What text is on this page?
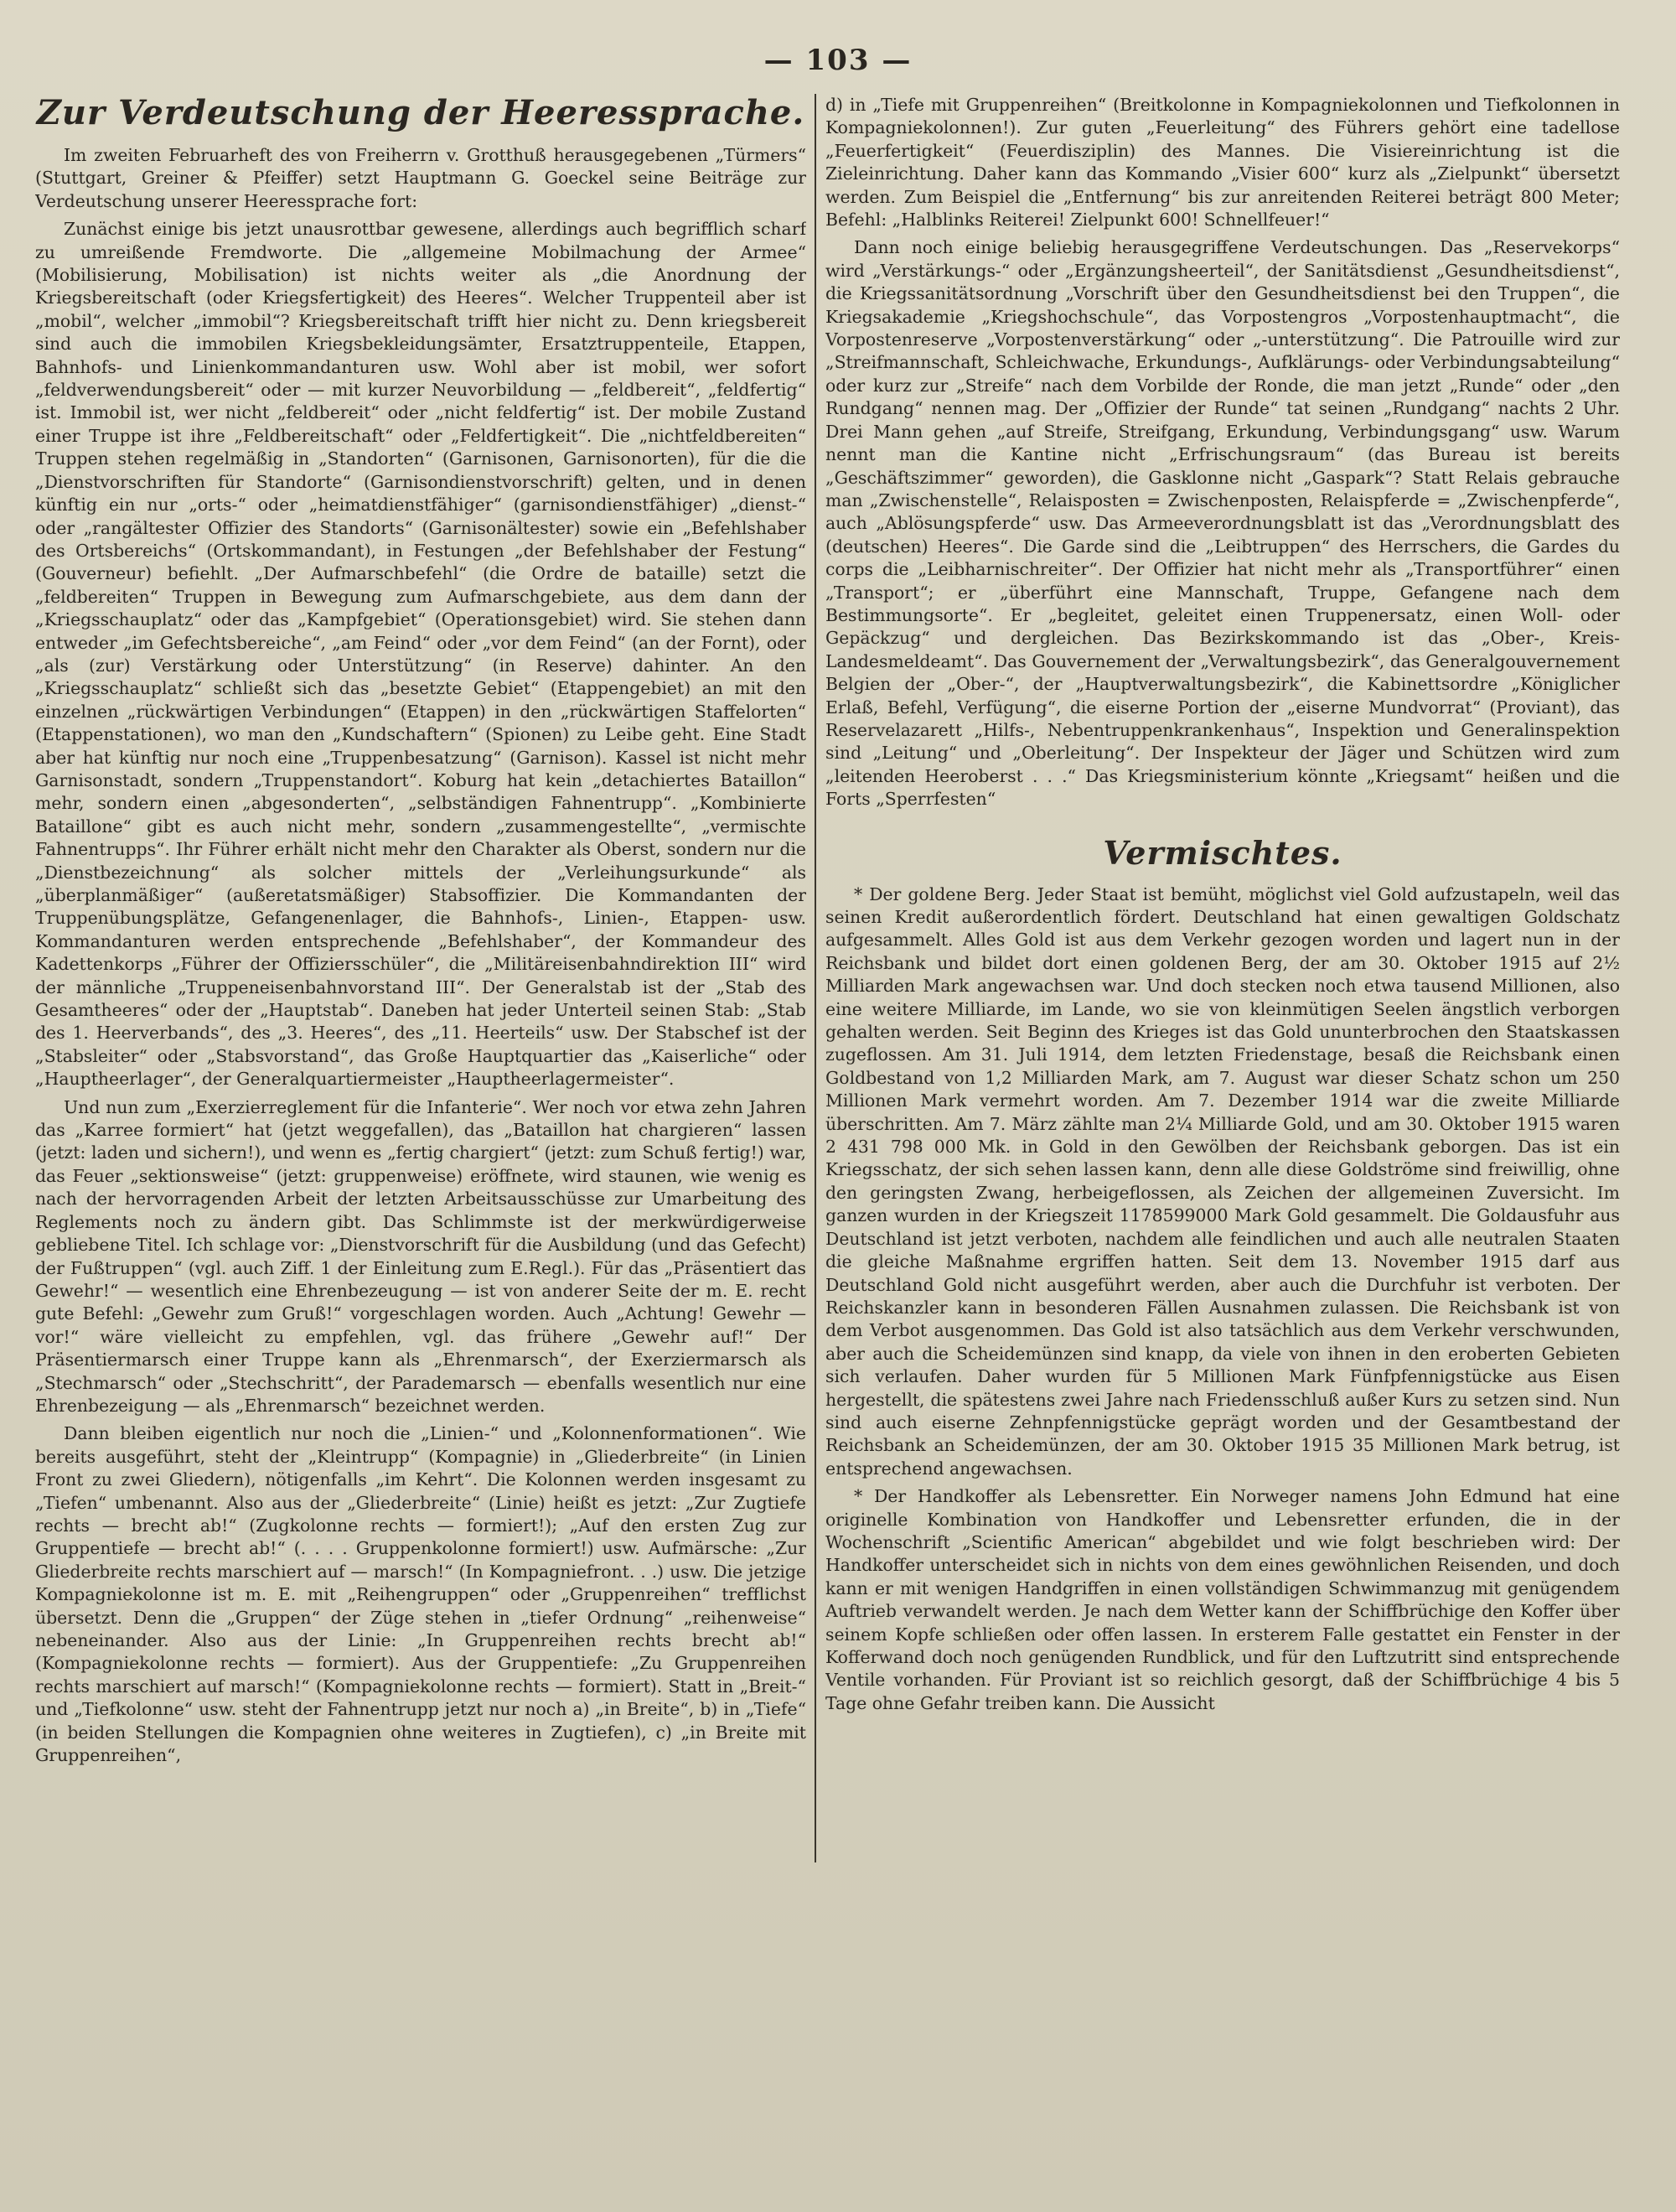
— 103 —
Zur Verdeutschung der Heeressprache.

Im zweiten Februarheft des von Freiherrn v. Grotthuß herausgegebenen „Türmers“ (Stuttgart, Greiner & Pfeiffer) setzt Hauptmann G. Goeckel seine Beiträge zur Verdeutschung unserer Heeressprache fort:

Zunächst einige bis jetzt unausrottbar gewesene, allerdings auch begrifflich scharf zu umreißende Fremdworte. Die „allgemeine Mobilmachung der Armee“ (Mobilisierung, Mobilisation) ist nichts weiter als „die Anordnung der Kriegsbereitschaft (oder Kriegsfertigkeit) des Heeres“. Welcher Truppenteil aber ist „mobil“, welcher „immobil“? Kriegsbereitschaft trifft hier nicht zu. Denn kriegsbereit sind auch die immobilen Kriegsbekleidungsämter, Ersatztruppenteile, Etappen, Bahnhofs- und Linienkommandanturen usw. Wohl aber ist mobil, wer sofort „feldverwendungsbereit“ oder — mit kurzer Neuvorbildung — „feldbereit“, „feldfertig“ ist. Immobil ist, wer nicht „feldbereit“ oder „nicht feldfertig“ ist. Der mobile Zustand einer Truppe ist ihre „Feldbereitschaft“ oder „Feldfertigkeit“. Die „nichtfeldbereiten“ Truppen stehen regelmäßig in „Standorten“ (Garnisonen, Garnisonorten), für die die „Dienstvorschriften für Standorte“ (Garnisondienstvorschrift) gelten, und in denen künftig ein nur „orts-“ oder „heimatdienstfähiger“ (garnisondienstfähiger) „dienst-“ oder „rangältester Offizier des Standorts“ (Garnisonältester) sowie ein „Befehlshaber des Ortsbereichs“ (Ortskommandant), in Festungen „der Befehlshaber der Festung“ (Gouverneur) befiehlt. „Der Aufmarschbefehl“ (die Ordre de bataille) setzt die „feldbereiten“ Truppen in Bewegung zum Aufmarschgebiete, aus dem dann der „Kriegsschauplatz“ oder das „Kampfgebiet“ (Operationsgebiet) wird. Sie stehen dann entweder „im Gefechtsbereiche“, „am Feind“ oder „vor dem Feind“ (an der Fornt), oder „als (zur) Verstärkung oder Unterstützung“ (in Reserve) dahinter. An den „Kriegsschauplatz“ schließt sich das „besetzte Gebiet“ (Etappengebiet) an mit den einzelnen „rückwärtigen Verbindungen“ (Etappen) in den „rückwärtigen Staffelorten“ (Etappenstationen), wo man den „Kundschaftern“ (Spionen) zu Leibe geht. Eine Stadt aber hat künftig nur noch eine „Truppenbesatzung“ (Garnison). Kassel ist nicht mehr Garnisonstadt, sondern „Truppenstandort“. Koburg hat kein „detachiertes Bataillon“ mehr, sondern einen „abgesonderten“, „selbständigen Fahnentrupp“. „Kombinierte Bataillone“ gibt es auch nicht mehr, sondern „zusammengestellte“, „vermischte Fahnentrupps“. Ihr Führer erhält nicht mehr den Charakter als Oberst, sondern nur die „Dienstbezeichnung“ als solcher mittels der „Verleihungsurkunde“ als „überplanmäßiger“ (außeretatsmäßiger) Stabsoffizier. Die Kommandanten der Truppenübungsplätze, Gefangenenlager, die Bahnhofs-, Linien-, Etappen- usw. Kommandanturen werden entsprechende „Befehlshaber“, der Kommandeur des Kadettenkorps „Führer der Offiziersschüler“, die „Militäreisenbahndirektion III“ wird der männliche „Truppeneisenbahnvorstand III“. Der Generalstab ist der „Stab des Gesamtheeres“ oder der „Hauptstab“. Daneben hat jeder Unterteil seinen Stab: „Stab des 1. Heerverbands“, des „3. Heeres“, des „11. Heerteils“ usw. Der Stabschef ist der „Stabsleiter“ oder „Stabsvorstand“, das Große Hauptquartier das „Kaiserliche“ oder „Hauptheerlager“, der Generalquartiermeister „Hauptheerlagermeister“.

Und nun zum „Exerzierreglement für die Infanterie“. Wer noch vor etwa zehn Jahren das „Karree formiert“ hat (jetzt weggefallen), das „Bataillon hat chargieren“ lassen (jetzt: laden und sichern!), und wenn es „fertig chargiert“ (jetzt: zum Schuß fertig!) war, das Feuer „sektionsweise“ (jetzt: gruppenweise) eröffnete, wird staunen, wie wenig es nach der hervorragenden Arbeit der letzten Arbeitsausschüsse zur Umarbeitung des Reglements noch zu ändern gibt. Das Schlimmste ist der merkwürdigerweise gebliebene Titel. Ich schlage vor: „Dienstvorschrift für die Ausbildung (und das Gefecht) der Fußtruppen“ (vgl. auch Ziff. 1 der Einleitung zum E.Regl.). Für das „Präsentiert das Gewehr!“ — wesentlich eine Ehrenbezeugung — ist von anderer Seite der m. E. recht gute Befehl: „Gewehr zum Gruß!“ vorgeschlagen worden. Auch „Achtung! Gewehr — vor!“ wäre vielleicht zu empfehlen, vgl. das frühere „Gewehr auf!“ Der Präsentiermarsch einer Truppe kann als „Ehrenmarsch“, der Exerziermarsch als „Stechmarsch“ oder „Stechschritt“, der Parademarsch — ebenfalls wesentlich nur eine Ehrenbezeigung — als „Ehrenmarsch“ bezeichnet werden.

Dann bleiben eigentlich nur noch die „Linien-“ und „Kolonnenformationen“. Wie bereits ausgeführt, steht der „Kleintrupp“ (Kompagnie) in „Gliederbreite“ (in Linien Front zu zwei Gliedern), nötigenfalls „im Kehrt“. Die Kolonnen werden insgesamt zu „Tiefen“ umbenannt. Also aus der „Gliederbreite“ (Linie) heißt es jetzt: „Zur Zugtiefe rechts — brecht ab!“ (Zugkolonne rechts — formiert!); „Auf den ersten Zug zur Gruppentiefe — brecht ab!“ (. . . . Gruppenkolonne formiert!) usw. Aufmärsche: „Zur Gliederbreite rechts marschiert auf — marsch!“ (In Kompagniefront. . .) usw. Die jetzige Kompagniekolonne ist m. E. mit „Reihengruppen“ oder „Gruppenreihen“ trefflichst übersetzt. Denn die „Gruppen“ der Züge stehen in „tiefer Ordnung“ „reihenweise“ nebeneinander. Also aus der Linie: „In Gruppenreihen rechts brecht ab!“ (Kompagniekolonne rechts — formiert). Aus der Gruppentiefe: „Zu Gruppenreihen rechts marschiert auf marsch!“ (Kompagniekolonne rechts — formiert). Statt in „Breit-“ und „Tiefkolonne“ usw. steht der Fahnentrupp jetzt nur noch a) „in Breite“, b) in „Tiefe“ (in beiden Stellungen die Kompagnien ohne weiteres in Zugtiefen), c) „in Breite mit Gruppenreihen“,

d) in „Tiefe mit Gruppenreihen“ (Breitkolonne in Kompagniekolonnen und Tiefkolonnen in Kompagniekolonnen!). Zur guten „Feuerleitung“ des Führers gehört eine tadellose „Feuerfertigkeit“ (Feuerdisziplin) des Mannes. Die Visiereinrichtung ist die Zieleinrichtung. Daher kann das Kommando „Visier 600“ kurz als „Zielpunkt“ übersetzt werden. Zum Beispiel die „Entfernung“ bis zur anreitenden Reiterei beträgt 800 Meter; Befehl: „Halblinks Reiterei! Zielpunkt 600! Schnellfeuer!“

Dann noch einige beliebig herausgegriffene Verdeutschungen. Das „Reservekorps“ wird „Verstärkungs-“ oder „Ergänzungsheerteil“, der Sanitätsdienst „Gesundheitsdienst“, die Kriegssanitätsordnung „Vorschrift über den Gesundheitsdienst bei den Truppen“, die Kriegsakademie „Kriegshochschule“, das Vorpostengros „Vorpostenhauptmacht“, die Vorpostenreserve „Vorpostenverstärkung“ oder „-unterstützung“. Die Patrouille wird zur „Streifmannschaft, Schleichwache, Erkundungs-, Aufklärungs- oder Verbindungsabteilung“ oder kurz zur „Streife“ nach dem Vorbilde der Ronde, die man jetzt „Runde“ oder „den Rundgang“ nennen mag. Der „Offizier der Runde“ tat seinen „Rundgang“ nachts 2 Uhr. Drei Mann gehen „auf Streife, Streifgang, Erkundung, Verbindungsgang“ usw. Warum nennt man die Kantine nicht „Erfrischungsraum“ (das Bureau ist bereits „Geschäftszimmer“ geworden), die Gasklonne nicht „Gaspark“? Statt Relais gebrauche man „Zwischenstelle“, Relaisposten = Zwischenposten, Relaispferde = „Zwischenpferde“, auch „Ablösungspferde“ usw. Das Armeeverordnungsblatt ist das „Verordnungsblatt des (deutschen) Heeres“. Die Garde sind die „Leibtruppen“ des Herrschers, die Gardes du corps die „Leibharnischreiter“. Der Offizier hat nicht mehr als „Transportführer“ einen „Transport“; er „überführt eine Mannschaft, Truppe, Gefangene nach dem Bestimmungsorte“. Er „begleitet, geleitet einen Truppenersatz, einen Woll- oder Gepäckzug“ und dergleichen. Das Bezirkskommando ist das „Ober-, Kreis-Landesmeldeamt“. Das Gouvernement der „Verwaltungsbezirk“, das Generalgouvernement Belgien der „Ober-“, der „Hauptverwaltungsbezirk“, die Kabinettsordre „Königlicher Erlaß, Befehl, Verfügung“, die eiserne Portion der „eiserne Mundvorrat“ (Proviant), das Reservelazarett „Hilfs-, Nebentruppenkrankenhaus“, Inspektion und Generalinspektion sind „Leitung“ und „Oberleitung“. Der Inspekteur der Jäger und Schützen wird zum „leitenden Heeroberst . . .“ Das Kriegsministerium könnte „Kriegsamt“ heißen und die Forts „Sperrfesten“

Vermischtes.

* Der goldene Berg. Jeder Staat ist bemüht, möglichst viel Gold aufzustapeln, weil das seinen Kredit außerordentlich fördert. Deutschland hat einen gewaltigen Goldschatz aufgesammelt. Alles Gold ist aus dem Verkehr gezogen worden und lagert nun in der Reichsbank und bildet dort einen goldenen Berg, der am 30. Oktober 1915 auf 2½ Milliarden Mark angewachsen war. Und doch stecken noch etwa tausend Millionen, also eine weitere Milliarde, im Lande, wo sie von kleinmütigen Seelen ängstlich verborgen gehalten werden. Seit Beginn des Krieges ist das Gold ununterbrochen den Staatskassen zugeflossen. Am 31. Juli 1914, dem letzten Friedenstage, besaß die Reichsbank einen Goldbestand von 1,2 Milliarden Mark, am 7. August war dieser Schatz schon um 250 Millionen Mark vermehrt worden. Am 7. Dezember 1914 war die zweite Milliarde überschritten. Am 7. März zählte man 2¼ Milliarde Gold, und am 30. Oktober 1915 waren 2 431 798 000 Mk. in Gold in den Gewölben der Reichsbank geborgen. Das ist ein Kriegsschatz, der sich sehen lassen kann, denn alle diese Goldströme sind freiwillig, ohne den geringsten Zwang, herbeigeflossen, als Zeichen der allgemeinen Zuversicht. Im ganzen wurden in der Kriegszeit 1178599000 Mark Gold gesammelt. Die Goldausfuhr aus Deutschland ist jetzt verboten, nachdem alle feindlichen und auch alle neutralen Staaten die gleiche Maßnahme ergriffen hatten. Seit dem 13. November 1915 darf aus Deutschland Gold nicht ausgeführt werden, aber auch die Durchfuhr ist verboten. Der Reichskanzler kann in besonderen Fällen Ausnahmen zulassen. Die Reichsbank ist von dem Verbot ausgenommen. Das Gold ist also tatsächlich aus dem Verkehr verschwunden, aber auch die Scheidemünzen sind knapp, da viele von ihnen in den eroberten Gebieten sich verlaufen. Daher wurden für 5 Millionen Mark Fünfpfennigstücke aus Eisen hergestellt, die spätestens zwei Jahre nach Friedensschluß außer Kurs zu setzen sind. Nun sind auch eiserne Zehnpfennigstücke geprägt worden und der Gesamtbestand der Reichsbank an Scheidemünzen, der am 30. Oktober 1915 35 Millionen Mark betrug, ist entsprechend angewachsen.

* Der Handkoffer als Lebensretter. Ein Norweger namens John Edmund hat eine originelle Kombination von Handkoffer und Lebensretter erfunden, die in der Wochenschrift „Scientific American“ abgebildet und wie folgt beschrieben wird: Der Handkoffer unterscheidet sich in nichts von dem eines gewöhnlichen Reisenden, und doch kann er mit wenigen Handgriffen in einen vollständigen Schwimmanzug mit genügendem Auftrieb verwandelt werden. Je nach dem Wetter kann der Schiffbrüchige den Koffer über seinem Kopfe schließen oder offen lassen. In ersterem Falle gestattet ein Fenster in der Kofferwand doch noch genügenden Rundblick, und für den Luftzutritt sind entsprechende Ventile vorhanden. Für Proviant ist so reichlich gesorgt, daß der Schiffbrüchige 4 bis 5 Tage ohne Gefahr treiben kann. Die Aussicht
